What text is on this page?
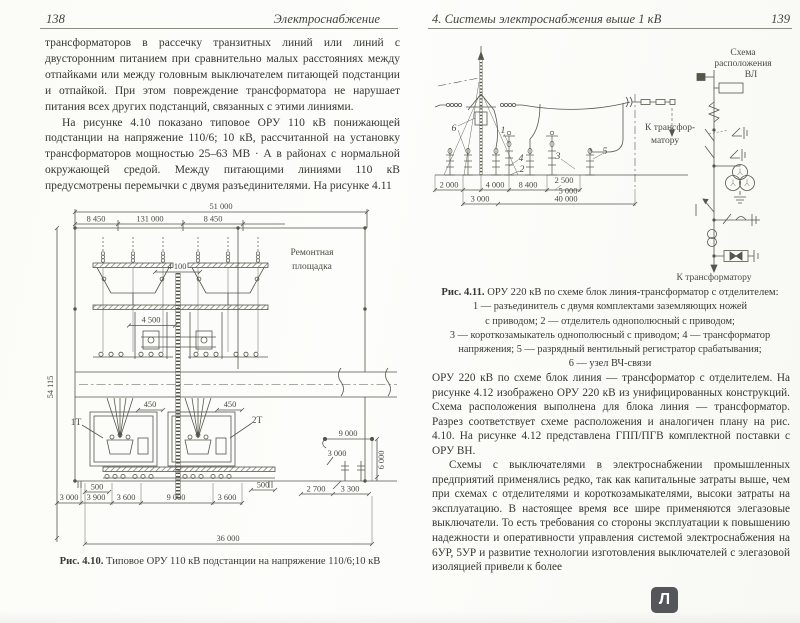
138	Электроснабжение

трансформаторов в рассечку транзитных линий или линий с двусторонним питанием при сравнительно малых расстояниях между отпайками или между головным выключателем питающей подстанции и отпайкой. При этом повреждение трансформатора не нарушает питания всех других подстанций, связанных с этими линиями.

На рисунке 4.10 показано типовое ОРУ 110 кВ понижающей подстанции на напряжение 110/6; 10 кВ, рассчитанной на установку трансформаторов мощностью 25–63 МВ · А в районах с нормальной окружающей средой. Между питающими линиями 110 кВ предусмотрены перемычки с двумя разъединителями. На рисунке 4.11

51 000
8 450	131 000	8 450
54 115
4 100
4 500
450	450
1Т	2Т
500	500
3 000 3 900 3 600	9 000	3 600
9 000
3 000	6 000
2 700 3 300
36 000
Ремонтная
площадка
Рис. 4.10. Типовое ОРУ 110 кВ подстанции на напряжение 110/6;10 кВ
4. Системы электроснабжения выше 1 кВ	139
6	1
4
2
3	5
2 000	4 000 8 400 2 500
5 000
3 000	40 000
К трансфор-
матору
Схема
расположения
ВЛ
К трансформатору
Рис. 4.11. ОРУ 220 кВ по схеме блок линия-трансформатор с отделителем:
1 — разъединитель с двумя комплектами заземляющих ножей
с приводом; 2 — отделитель однополюсный с приводом;
3 — короткозамыкатель однополюсный с приводом; 4 — трансформатор
напряжения; 5 — разрядный вентильный регистратор срабатывания;
6 — узел ВЧ-связи

ОРУ 220 кВ по схеме блок линия — трансформатор с отделителем. На рисунке 4.12 изображено ОРУ 220 кВ из унифицированных конструкций. Схема расположения выполнена для блока линия — трансформатор. Разрез соответствует схеме расположения и аналогичен плану на рис. 4.10. На рисунке 4.12 представлена ГПП/ПГВ комплектной поставки с ОРУ ВН.

Схемы с выключателями в электроснабжении промышленных предприятий применялись редко, так как капитальные затраты выше, чем при схемах с отделителями и короткозамыкателями, высоки затраты на эксплуатацию. В настоящее время все шире применяются элегазовые выключатели. То есть требования со стороны эксплуатации к повышению надежности и оперативности управления системой электроснабжения на 6УР, 5УР и развитие технологии изготовления выключателей с элегазовой изоляцией привели к более

Л
